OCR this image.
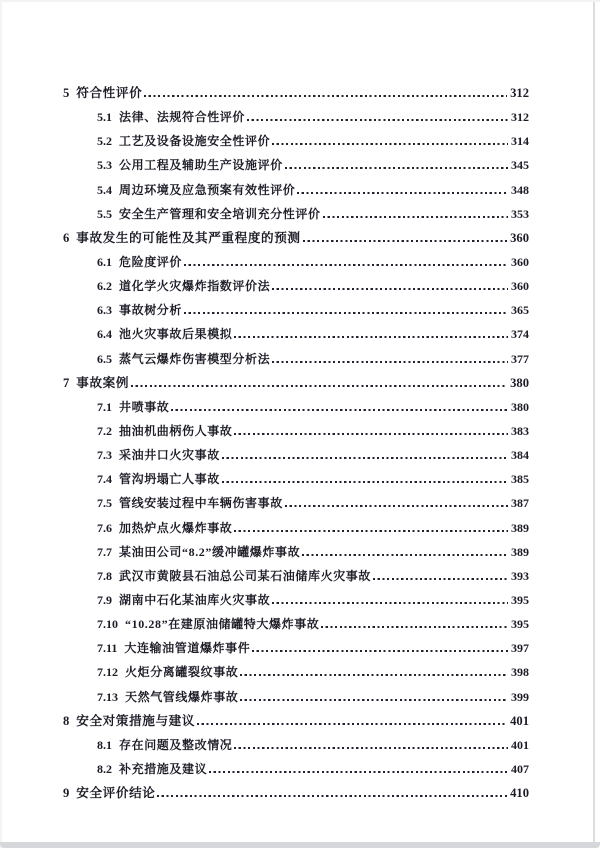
5 符合性评价	312
5.1 法律、法规符合性评价	312
5.2 工艺及设备设施安全性评价	314
5.3 公用工程及辅助生产设施评价	345
5.4 周边环境及应急预案有效性评价	348
5.5 安全生产管理和安全培训充分性评价	353
6 事故发生的可能性及其严重程度的预测	360
6.1 危险度评价	360
6.2 道化学火灾爆炸指数评价法	360
6.3 事故树分析	365
6.4 池火灾事故后果模拟	374
6.5 蒸气云爆炸伤害模型分析法	377
7 事故案例	380
7.1 井喷事故	380
7.2 抽油机曲柄伤人事故	383
7.3 采油井口火灾事故	384
7.4 管沟坍塌亡人事故	385
7.5 管线安装过程中车辆伤害事故	387
7.6 加热炉点火爆炸事故	389
7.7 某油田公司“8.2”缓冲罐爆炸事故	389
7.8 武汉市黄陂县石油总公司某石油储库火灾事故	393
7.9 湖南中石化某油库火灾事故	395
7.10 “10.28”在建原油储罐特大爆炸事故	395
7.11 大连输油管道爆炸事件	397
7.12 火炬分离罐裂纹事故	398
7.13 天然气管线爆炸事故	399
8 安全对策措施与建议	401
8.1 存在问题及整改情况	401
8.2 补充措施及建议	407
9 安全评价结论	410
